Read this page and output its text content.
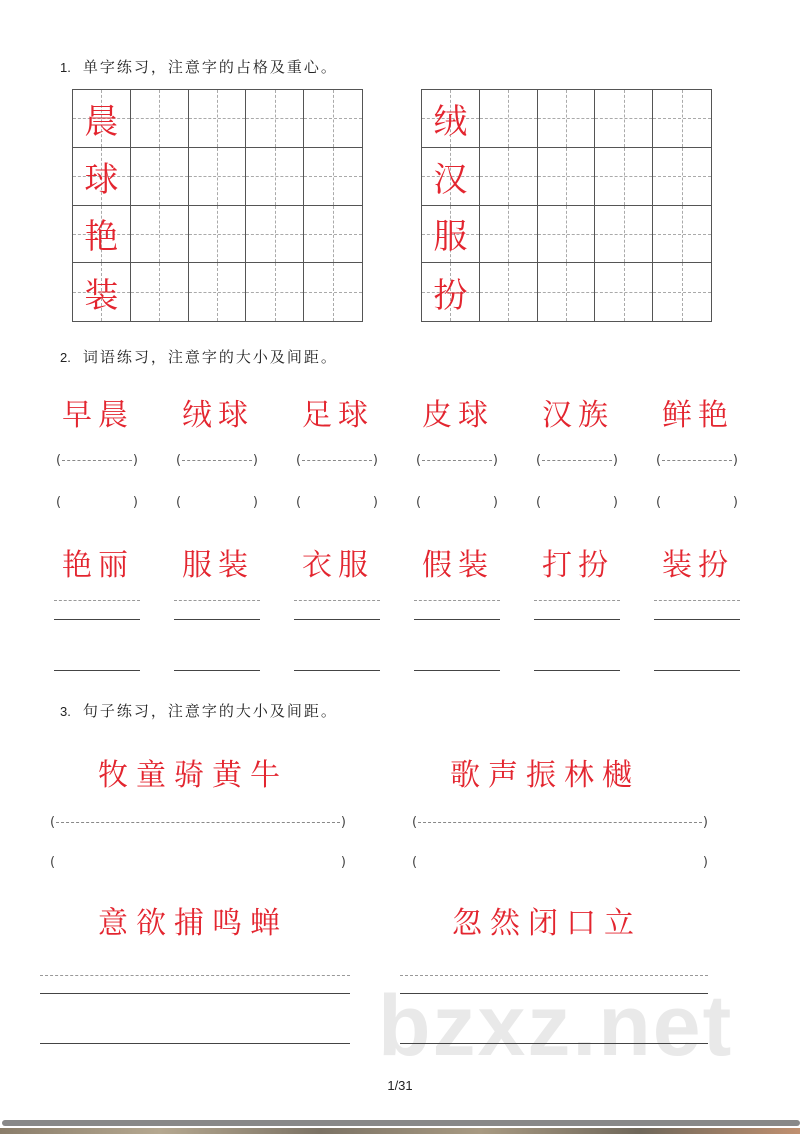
1. 单字练习，注意字的占格及重心。
晨
球
艳
装
绒
汉
服
扮
2. 词语练习，注意字的大小及间距。
早晨
(	)
(	)
艳丽
绒球
(	)
(	)
服装
足球
(	)
(	)
衣服
皮球
(	)
(	)
假装
汉族
(	)
(	)
打扮
鲜艳
(	)
(	)
装扮
3. 句子练习，注意字的大小及间距。
牧童骑黄牛	歌声振林樾
(	)
(	)
(	)
(	)
意欲捕鸣蝉	忽然闭口立
bzxz.net
1/31
